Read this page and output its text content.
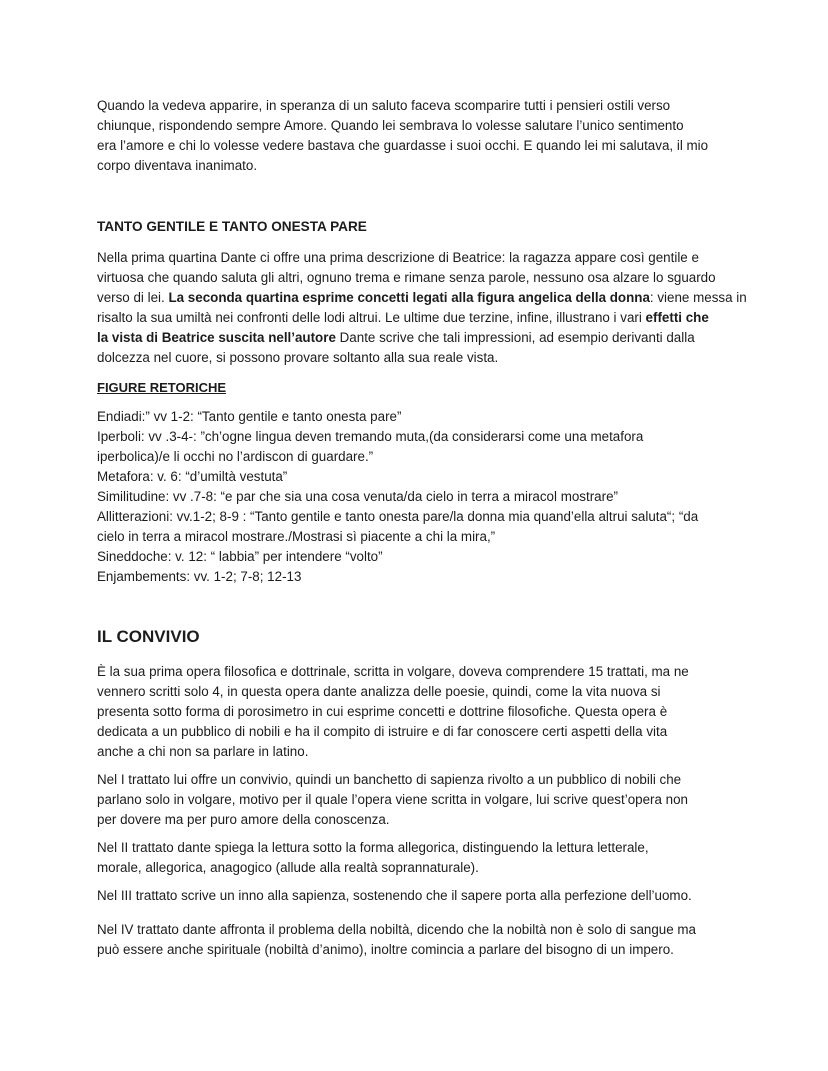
Quando la vedeva apparire, in speranza di un saluto faceva scomparire tutti i pensieri ostili verso
chiunque, rispondendo sempre Amore. Quando lei sembrava lo volesse salutare l’unico sentimento
era l’amore e chi lo volesse vedere bastava che guardasse i suoi occhi. E quando lei mi salutava, il mio
corpo diventava inanimato.

TANTO GENTILE E TANTO ONESTA PARE

Nella prima quartina Dante ci offre una prima descrizione di Beatrice: la ragazza appare così gentile e
virtuosa che quando saluta gli altri, ognuno trema e rimane senza parole, nessuno osa alzare lo sguardo
verso di lei. La seconda quartina esprime concetti legati alla figura angelica della donna: viene messa in
risalto la sua umiltà nei confronti delle lodi altrui. Le ultime due terzine, infine, illustrano i vari effetti che
la vista di Beatrice suscita nell’autore Dante scrive che tali impressioni, ad esempio derivanti dalla
dolcezza nel cuore, si possono provare soltanto alla sua reale vista.

FIGURE RETORICHE

Endiadi:” vv 1-2: “Tanto gentile e tanto onesta pare”
Iperboli: vv .3-4-: ”ch’ogne lingua deven tremando muta,(da considerarsi come una metafora
iperbolica)/e li occhi no l’ardiscon di guardare.”
Metafora: v. 6: “d’umiltà vestuta”
Similitudine: vv .7-8: “e par che sia una cosa venuta/da cielo in terra a miracol mostrare”
Allitterazioni: vv.1-2; 8-9 : “Tanto gentile e tanto onesta pare/la donna mia quand’ella altrui saluta“; “da
cielo in terra a miracol mostrare./Mostrasi sì piacente a chi la mira,”
Sineddoche: v. 12: “ labbia” per intendere “volto”
Enjambements: vv. 1-2; 7-8; 12-13

IL CONVIVIO

È la sua prima opera filosofica e dottrinale, scritta in volgare, doveva comprendere 15 trattati, ma ne
vennero scritti solo 4, in questa opera dante analizza delle poesie, quindi, come la vita nuova si
presenta sotto forma di porosimetro in cui esprime concetti e dottrine filosofiche. Questa opera è
dedicata a un pubblico di nobili e ha il compito di istruire e di far conoscere certi aspetti della vita
anche a chi non sa parlare in latino.

Nel I trattato lui offre un convivio, quindi un banchetto di sapienza rivolto a un pubblico di nobili che
parlano solo in volgare, motivo per il quale l’opera viene scritta in volgare, lui scrive quest’opera non
per dovere ma per puro amore della conoscenza.

Nel II trattato dante spiega la lettura sotto la forma allegorica, distinguendo la lettura letterale,
morale, allegorica, anagogico (allude alla realtà soprannaturale).

Nel III trattato scrive un inno alla sapienza, sostenendo che il sapere porta alla perfezione dell’uomo.

Nel IV trattato dante affronta il problema della nobiltà, dicendo che la nobiltà non è solo di sangue ma
può essere anche spirituale (nobiltà d’animo), inoltre comincia a parlare del bisogno di un impero.
